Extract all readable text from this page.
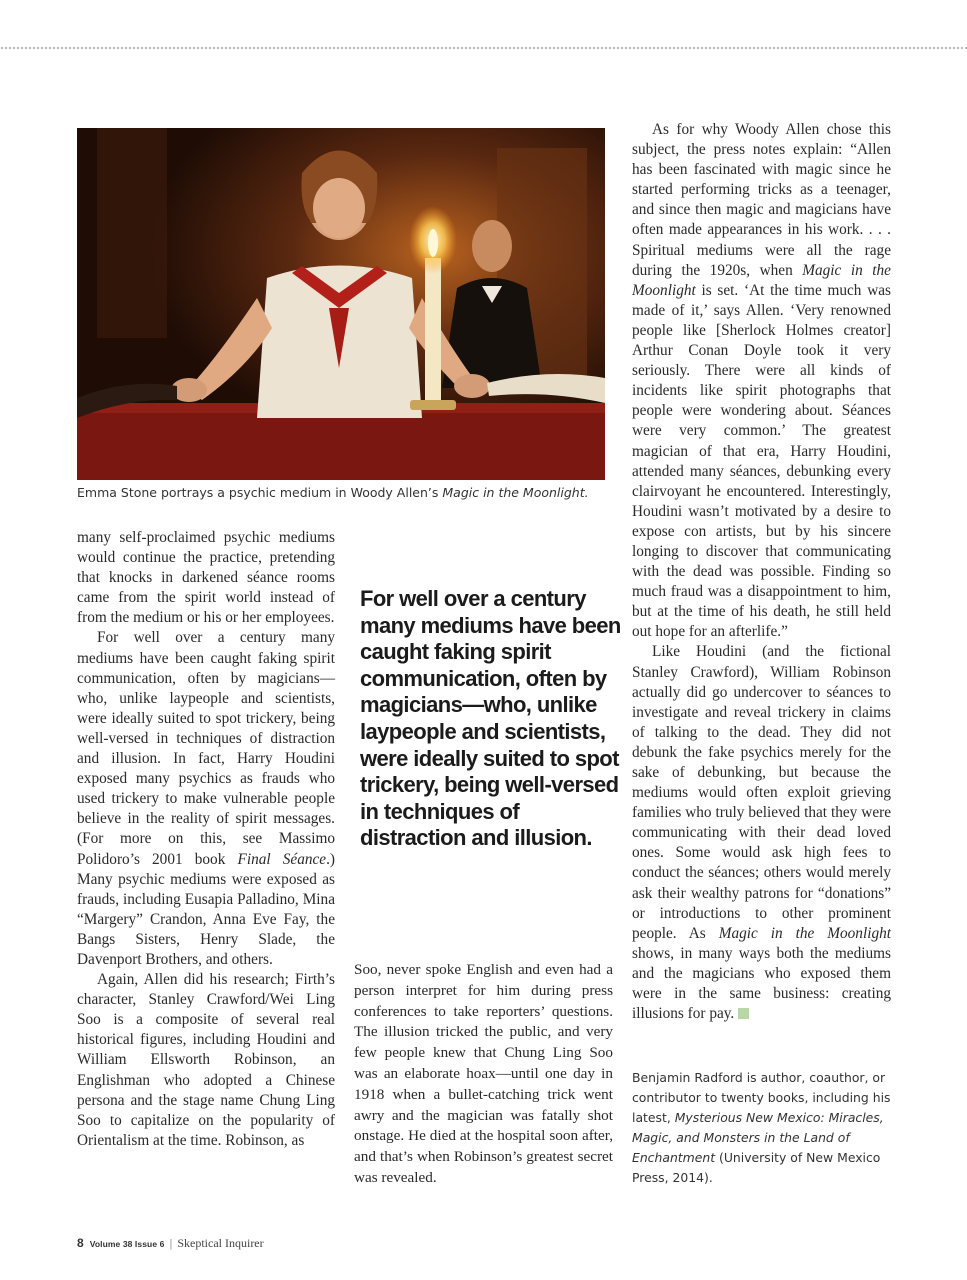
Emma Stone portrays a psychic medium in Woody Allen’s Magic in the Moonlight.

many self-proclaimed psychic mediums would continue the practice, pretending that knocks in darkened séance rooms came from the spirit world instead of from the medium or his or her employees.

For well over a century many mediums have been caught faking spirit communication, often by magicians—who, unlike laypeople and scientists, were ideally suited to spot trickery, being well-versed in techniques of distraction and illusion. In fact, Harry Houdini exposed many psychics as frauds who used trickery to make vulnerable people believe in the reality of spirit messages. (For more on this, see Massimo Polidoro’s 2001 book Final Séance.) Many psychic mediums were exposed as frauds, including Eusapia Palladino, Mina “Margery” Crandon, Anna Eve Fay, the Bangs Sisters, Henry Slade, the Davenport Brothers, and others.

Again, Allen did his research; Firth’s character, Stanley Crawford/Wei Ling Soo is a composite of several real historical figures, including Houdini and William Ellsworth Robinson, an Englishman who adopted a Chinese persona and the stage name Chung Ling Soo to capitalize on the popularity of Orientalism at the time. Robinson, as

For well over a century many mediums have been caught faking spirit communication, often by magicians—who, unlike laypeople and scientists, were ideally suited to spot trickery, being well-versed in techniques of distraction and illusion.

Soo, never spoke English and even had a person interpret for him during press conferences to take reporters’ questions. The illusion tricked the public, and very few people knew that Chung Ling Soo was an elaborate hoax—until one day in 1918 when a bullet-catching trick went awry and the magician was fatally shot onstage. He died at the hospital soon after, and that’s when Robinson’s greatest secret was revealed.

As for why Woody Allen chose this subject, the press notes explain: “Allen has been fascinated with magic since he started performing tricks as a teenager, and since then magic and magicians have often made appearances in his work. . . . Spiritual mediums were all the rage during the 1920s, when Magic in the Moonlight is set. ‘At the time much was made of it,’ says Allen. ‘Very renowned people like [Sherlock Holmes creator] Arthur Conan Doyle took it very seriously. There were all kinds of incidents like spirit photographs that people were wondering about. Séances were very common.’ The greatest magician of that era, Harry Houdini, attended many séances, debunking every clairvoyant he encountered. Interestingly, Houdini wasn’t motivated by a desire to expose con artists, but by his sincere longing to discover that communicating with the dead was possible. Finding so much fraud was a disappointment to him, but at the time of his death, he still held out hope for an afterlife.”

Like Houdini (and the fictional Stanley Crawford), William Robinson actually did go undercover to séances to investigate and reveal trickery in claims of talking to the dead. They did not debunk the fake psychics merely for the sake of debunking, but because the mediums would often exploit grieving families who truly believed that they were communicating with their dead loved ones. Some would ask high fees to conduct the séances; others would merely ask their wealthy patrons for “donations” or introductions to other prominent people. As Magic in the Moonlight shows, in many ways both the mediums and the magicians who exposed them were in the same business: creating illusions for pay.

Benjamin Radford is author, coauthor, or contributor to twenty books, including his latest, Mysterious New Mexico: Miracles, Magic, and Monsters in the Land of Enchantment (University of New Mexico Press, 2014).
8 Volume 38 Issue 6 | Skeptical Inquirer
